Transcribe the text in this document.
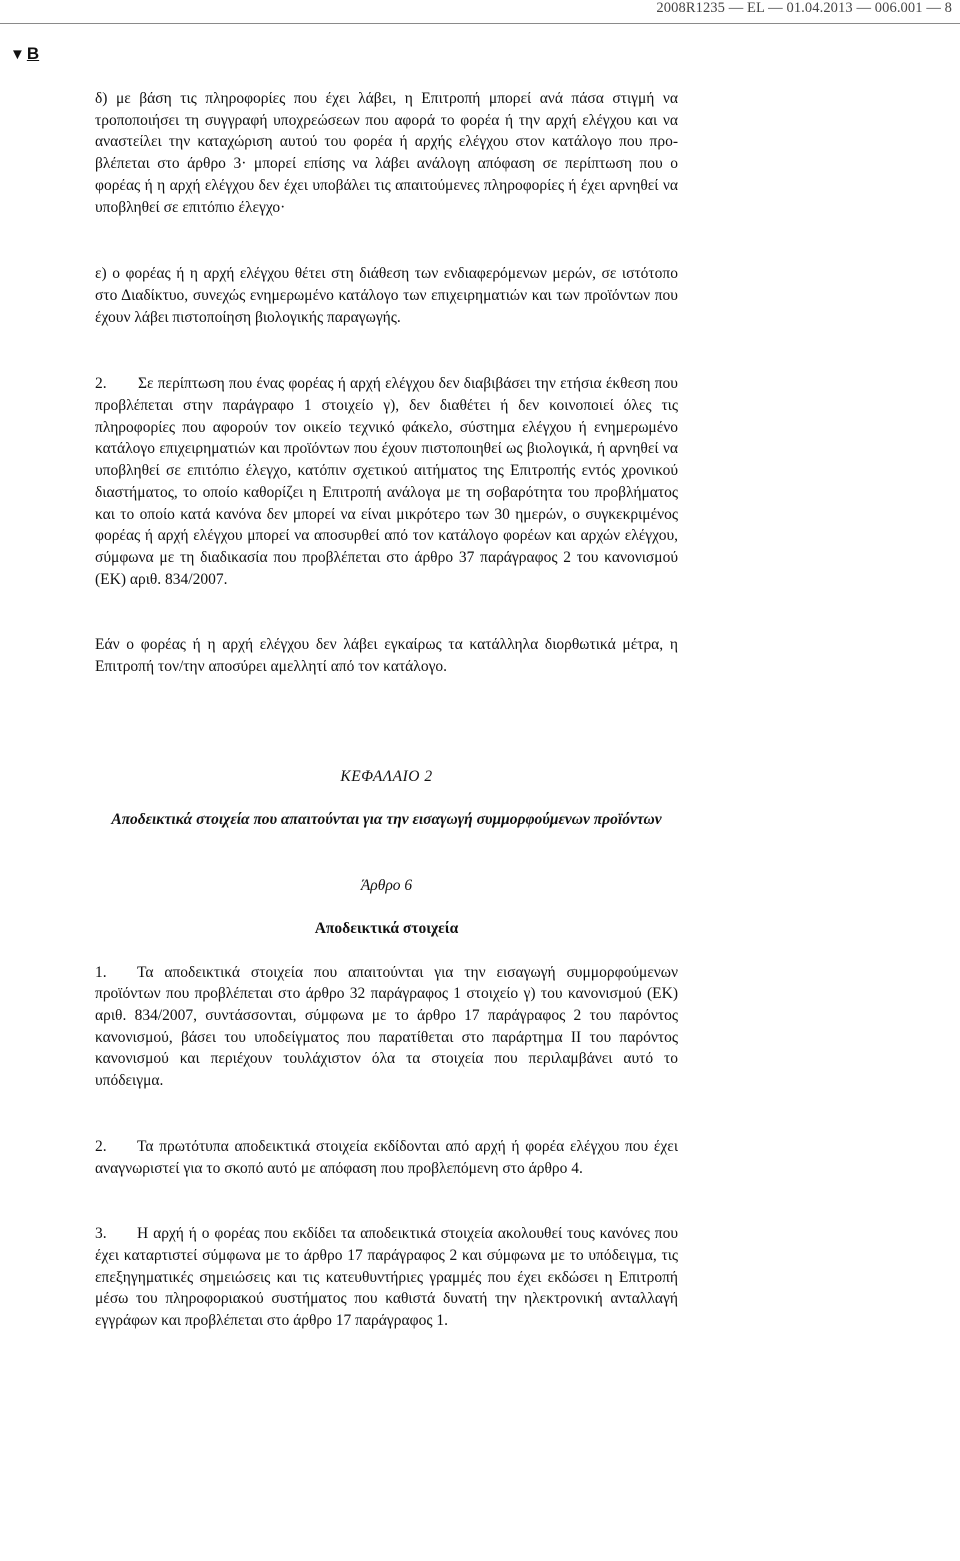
2008R1235 — EL — 01.04.2013 — 006.001 — 8
▼ B

δ) με βάση τις πληροφορίες που έχει λάβει, η Επιτροπή μπορεί ανά πάσα στιγμή να τροποποιήσει τη συγγραφή υποχρεώσεων που αφορά το φορέα ή την αρχή ελέγχου και να αναστείλει την καταχώριση αυτού του φορέα ή αρχής ελέγχου στον κατάλογο που προβλέπεται στο άρθρο 3· μπορεί επίσης να λάβει ανάλογη απόφαση σε περίπτωση που ο φορέας ή η αρχή ελέγχου δεν έχει υποβάλει τις απαιτούμενες πληροφορίες ή έχει αρνηθεί να υποβληθεί σε επιτόπιο έλεγχο·

ε) ο φορέας ή η αρχή ελέγχου θέτει στη διάθεση των ενδιαφερόμενων μερών, σε ιστότοπο στο Διαδίκτυο, συνεχώς ενημερωμένο κατάλογο των επιχειρηματιών και των προϊόντων που έχουν λάβει πιστοποίηση βιολογικής παραγωγής.

2. Σε περίπτωση που ένας φορέας ή αρχή ελέγχου δεν διαβιβάσει την ετήσια έκθεση που προβλέπεται στην παράγραφο 1 στοιχείο γ), δεν διαθέτει ή δεν κοινοποιεί όλες τις πληροφορίες που αφορούν τον οικείο τεχνικό φάκελο, σύστημα ελέγχου ή ενημερωμένο κατάλογο επιχειρηματιών και προϊόντων που έχουν πιστοποιηθεί ως βιολογικά, ή αρνηθεί να υποβληθεί σε επιτόπιο έλεγχο, κατόπιν σχετικού αιτήματος της Επιτροπής εντός χρονικού διαστήματος, το οποίο καθορίζει η Επιτροπή ανάλογα με τη σοβαρότητα του προβλήματος και το οποίο κατά κανόνα δεν μπορεί να είναι μικρότερο των 30 ημερών, ο συγκεκριμένος φορέας ή αρχή ελέγχου μπορεί να αποσυρθεί από τον κατάλογο φορέων και αρχών ελέγχου, σύμφωνα με τη διαδικασία που προβλέπεται στο άρθρο 37 παράγραφος 2 του κανονισμού (ΕΚ) αριθ. 834/2007.

Εάν ο φορέας ή η αρχή ελέγχου δεν λάβει εγκαίρως τα κατάλληλα διορθωτικά μέτρα, η Επιτροπή τον/την αποσύρει αμελλητί από τον κατάλογο.

ΚΕΦΑΛΑΙΟ 2
Αποδεικτικά στοιχεία που απαιτούνται για την εισαγωγή συμμορφούμενων προϊόντων
Άρθρο 6
Αποδεικτικά στοιχεία

1. Τα αποδεικτικά στοιχεία που απαιτούνται για την εισαγωγή συμμορφούμενων προϊόντων που προβλέπεται στο άρθρο 32 παράγραφος 1 στοιχείο γ) του κανονισμού (ΕΚ) αριθ. 834/2007, συντάσσονται, σύμφωνα με το άρθρο 17 παράγραφος 2 του παρόντος κανονισμού, βάσει του υποδείγματος που παρατίθεται στο παράρτημα ΙΙ του παρόντος κανονισμού και περιέχουν τουλάχιστον όλα τα στοιχεία που περιλαμβάνει αυτό το υπόδειγμα.

2. Τα πρωτότυπα αποδεικτικά στοιχεία εκδίδονται από αρχή ή φορέα ελέγχου που έχει αναγνωριστεί για το σκοπό αυτό με απόφαση που προβλεπόμενη στο άρθρο 4.

3. Η αρχή ή ο φορέας που εκδίδει τα αποδεικτικά στοιχεία ακολουθεί τους κανόνες που έχει καταρτιστεί σύμφωνα με το άρθρο 17 παράγραφος 2 και σύμφωνα με το υπόδειγμα, τις επεξηγηματικές σημειώσεις και τις κατευθυντήριες γραμμές που έχει εκδώσει η Επιτροπή μέσω του πληροφοριακού συστήματος που καθιστά δυνατή την ηλεκτρονική ανταλλαγή εγγράφων και προβλέπεται στο άρθρο 17 παράγραφος 1.
